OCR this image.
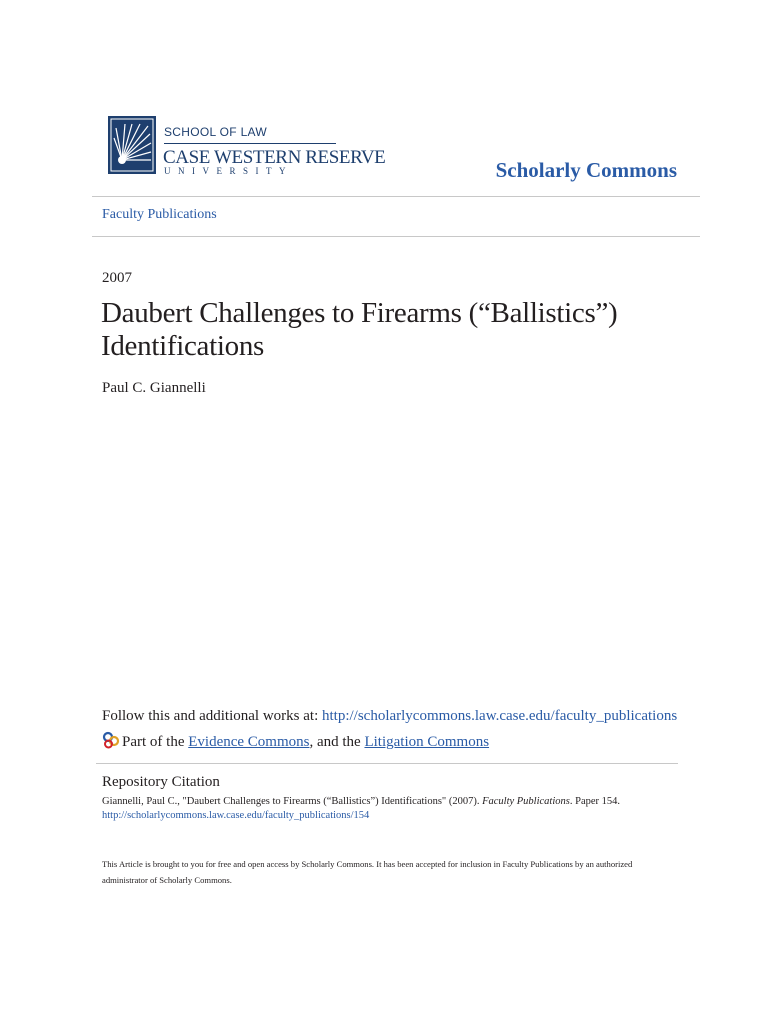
SCHOOL OF LAW
CASE WESTERN RESERVE
UNIVERSITY	Scholarly Commons
Faculty Publications
2007
Daubert Challenges to Firearms (“Ballistics”) Identifications
Paul C. Giannelli
Follow this and additional works at: http://scholarlycommons.law.case.edu/faculty_publications
Part of the Evidence Commons, and the Litigation Commons
Repository Citation
Giannelli, Paul C., "Daubert Challenges to Firearms (“Ballistics”) Identifications" (2007). Faculty Publications. Paper 154.
http://scholarlycommons.law.case.edu/faculty_publications/154
This Article is brought to you for free and open access by Scholarly Commons. It has been accepted for inclusion in Faculty Publications by an authorized administrator of Scholarly Commons.
